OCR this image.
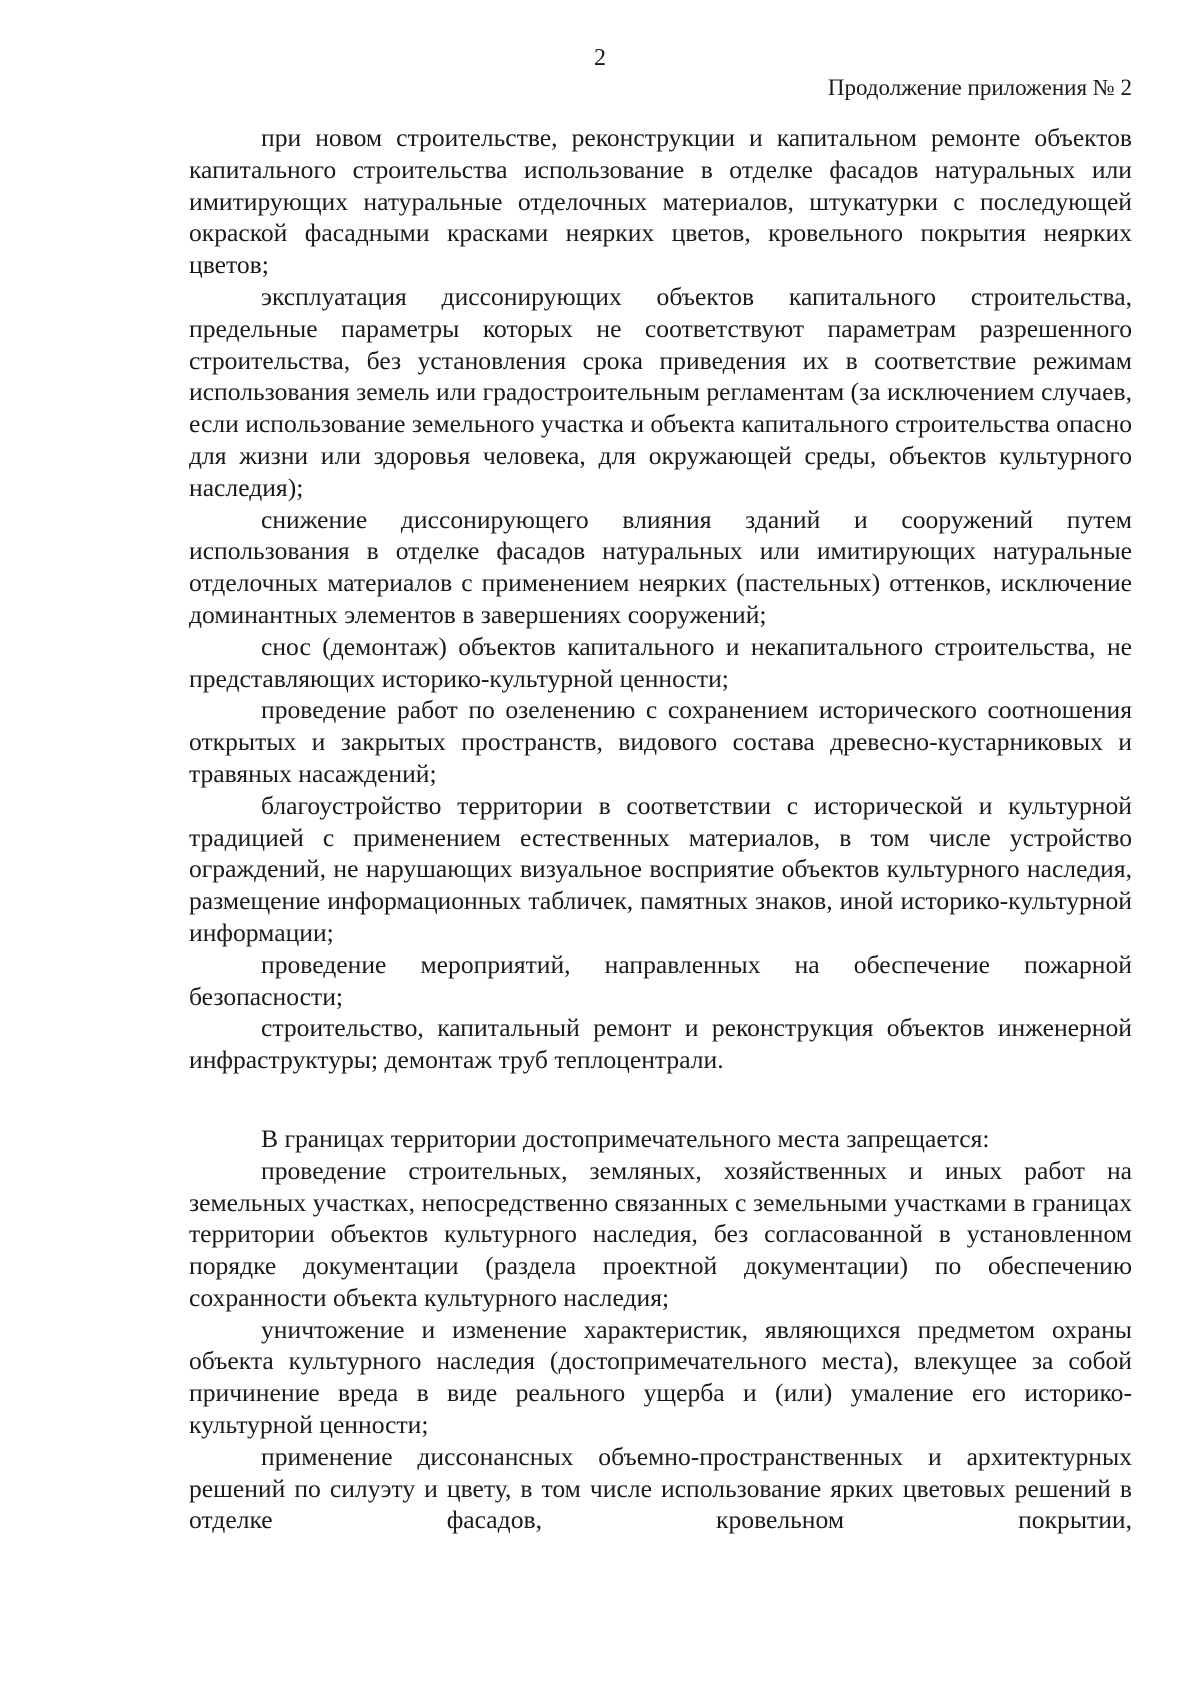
2
Продолжение приложения № 2

при новом строительстве, реконструкции и капитальном ремонте объектов капитального строительства использование в отделке фасадов натуральных или имитирующих натуральные отделочных материалов, штукатурки с последующей окраской фасадными красками неярких цветов, кровельного покрытия неярких цветов;

эксплуатация диссонирующих объектов капитального строительства, предельные параметры которых не соответствуют параметрам разрешенного строительства, без установления срока приведения их в соответствие режимам использования земель или градостроительным регламентам (за исключением случаев, если использование земельного участка и объекта капитального строительства опасно для жизни или здоровья человека, для окружающей среды, объектов культурного наследия);

снижение диссонирующего влияния зданий и сооружений путем использования в отделке фасадов натуральных или имитирующих натуральные отделочных материалов с применением неярких (пастельных) оттенков, исключение доминантных элементов в завершениях сооружений;

снос (демонтаж) объектов капитального и некапитального строительства, не представляющих историко-культурной ценности;

проведение работ по озеленению с сохранением исторического соотношения открытых и закрытых пространств, видового состава древесно-кустарниковых и травяных насаждений;

благоустройство территории в соответствии с исторической и культурной традицией с применением естественных материалов, в том числе устройство ограждений, не нарушающих визуальное восприятие объектов культурного наследия, размещение информационных табличек, памятных знаков, иной историко-культурной информации;

проведение мероприятий, направленных на обеспечение пожарной безопасности;

строительство, капитальный ремонт и реконструкция объектов инженерной инфраструктуры; демонтаж труб теплоцентрали.

В границах территории достопримечательного места запрещается:

проведение строительных, земляных, хозяйственных и иных работ на земельных участках, непосредственно связанных с земельными участками в границах территории объектов культурного наследия, без согласованной в установленном порядке документации (раздела проектной документации) по обеспечению сохранности объекта культурного наследия;

уничтожение и изменение характеристик, являющихся предметом охраны объекта культурного наследия (достопримечательного места), влекущее за собой причинение вреда в виде реального ущерба и (или) умаление его историко-культурной ценности;

применение диссонансных объемно-пространственных и архитектурных решений по силуэту и цвету, в том числе использование ярких цветовых решений в отделке фасадов, кровельном покрытии,
